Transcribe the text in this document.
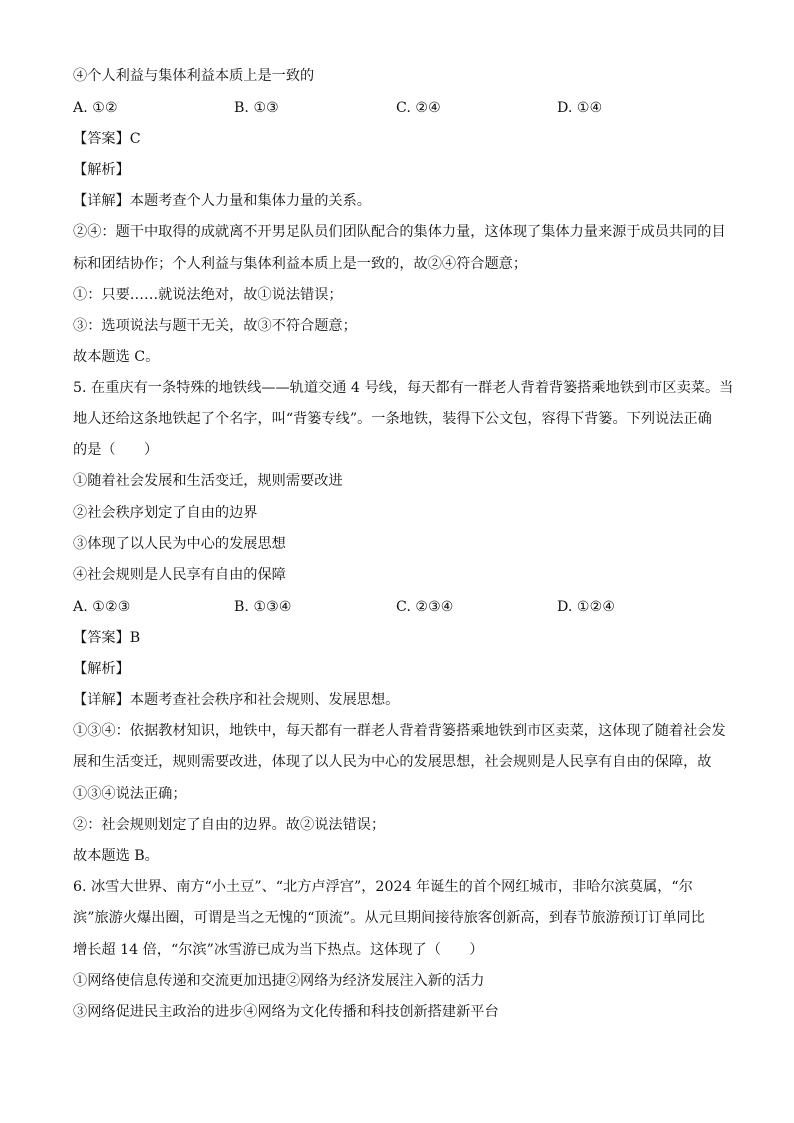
④个人利益与集体利益本质上是一致的
A. ①②	B. ①③	C. ②④	D. ①④
【答案】C
【解析】
【详解】本题考查个人力量和集体力量的关系。
②④：题干中取得的成就离不开男足队员们团队配合的集体力量，这体现了集体力量来源于成员共同的目
标和团结协作；个人利益与集体利益本质上是一致的，故②④符合题意；
①：只要……就说法绝对，故①说法错误；
③：选项说法与题干无关，故③不符合题意；
故本题选 C。
5. 在重庆有一条特殊的地铁线——轨道交通 4 号线，每天都有一群老人背着背篓搭乘地铁到市区卖菜。当
地人还给这条地铁起了个名字，叫“背篓专线”。一条地铁，装得下公文包，容得下背篓。下列说法正确
的是（　　）
①随着社会发展和生活变迁，规则需要改进
②社会秩序划定了自由的边界
③体现了以人民为中心的发展思想
④社会规则是人民享有自由的保障
A. ①②③	B. ①③④	C. ②③④	D. ①②④
【答案】B
【解析】
【详解】本题考查社会秩序和社会规则、发展思想。
①③④：依据教材知识，地铁中，每天都有一群老人背着背篓搭乘地铁到市区卖菜，这体现了随着社会发
展和生活变迁，规则需要改进，体现了以人民为中心的发展思想，社会规则是人民享有自由的保障，故
①③④说法正确；
②：社会规则划定了自由的边界。故②说法错误；
故本题选 B。
6. 冰雪大世界、南方“小土豆”、“北方卢浮宫”，2024 年诞生的首个网红城市，非哈尔滨莫属，“尔
滨”旅游火爆出圈，可谓是当之无愧的“顶流”。从元旦期间接待旅客创新高，到春节旅游预订订单同比
增长超 14 倍，“尔滨”冰雪游已成为当下热点。这体现了（　　）
①网络使信息传递和交流更加迅捷②网络为经济发展注入新的活力
③网络促进民主政治的进步④网络为文化传播和科技创新搭建新平台
